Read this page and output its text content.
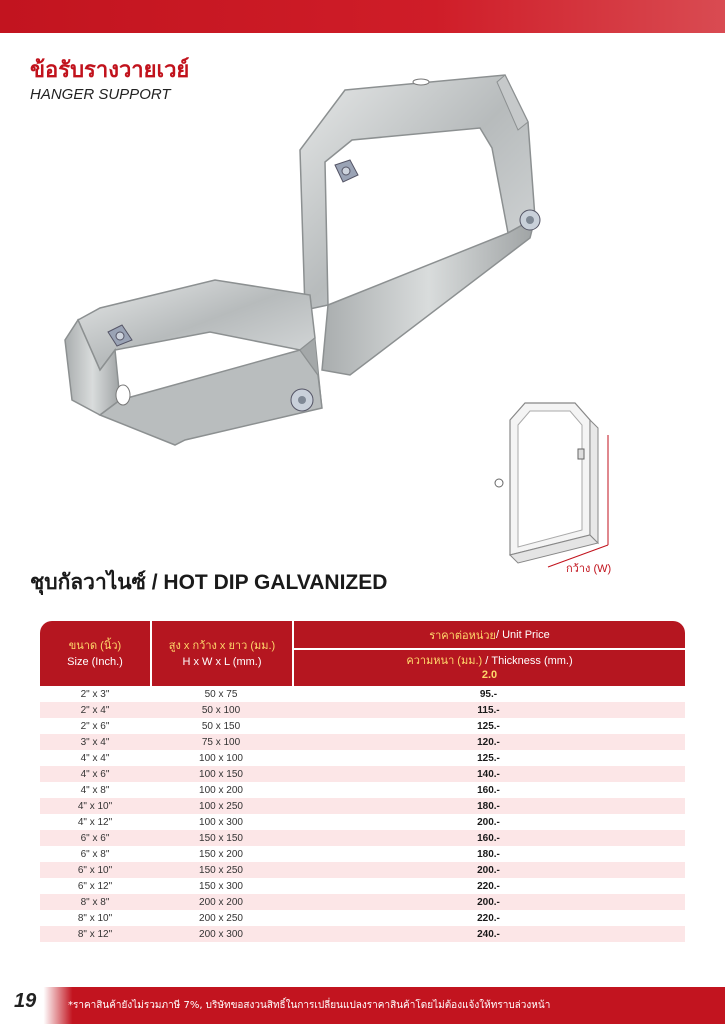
ข้อรับรางวายเวย์
HANGER SUPPORT
กว้าง (W)
ชุบกัลวาไนซ์ / HOT DIP GALVANIZED
ขนาด (นิ้ว)
Size (Inch.)
สูง x กว้าง x ยาว (มม.)
H x W x L (mm.)
ราคาต่อหน่วย / Unit Price
ความหนา (มม.) / Thickness (mm.)
2.0
2" x 3"	50 x 75	95.-
2" x 4"	50 x 100	115.-
2" x 6"	50 x 150	125.-
3" x 4"	75 x 100	120.-
4" x 4"	100 x 100	125.-
4" x 6"	100 x 150	140.-
4" x 8"	100 x 200	160.-
4" x 10"	100 x 250	180.-
4" x 12"	100 x 300	200.-
6" x 6"	150 x 150	160.-
6" x 8"	150 x 200	180.-
6" x 10"	150 x 250	200.-
6" x 12"	150 x 300	220.-
8" x 8"	200 x 200	200.-
8" x 10"	200 x 250	220.-
8" x 12"	200 x 300	240.-
19	*ราคาสินค้ายังไม่รวมภาษี 7%, บริษัทขอสงวนสิทธิ์ในการเปลี่ยนแปลงราคาสินค้าโดยไม่ต้องแจ้งให้ทราบล่วงหน้า
